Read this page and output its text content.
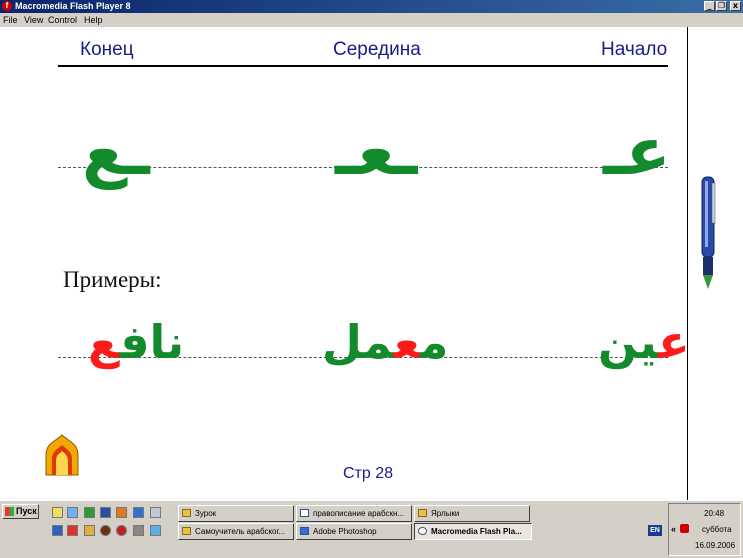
f Macromedia Flash Player 8	_ ❐ x
File View Control Help
Конец	Середина	Начало
ـع	ـعـ	عـ
Примеры:
نافع	معمل	عين
Стр 28
Пуск	Зурок	правописание арабскн...	Ярлыки
Самоучитель арабског...	Adobe Photoshop	Macromedia Flash Pla...	EN «
20:48
суббота
16.09.2006
